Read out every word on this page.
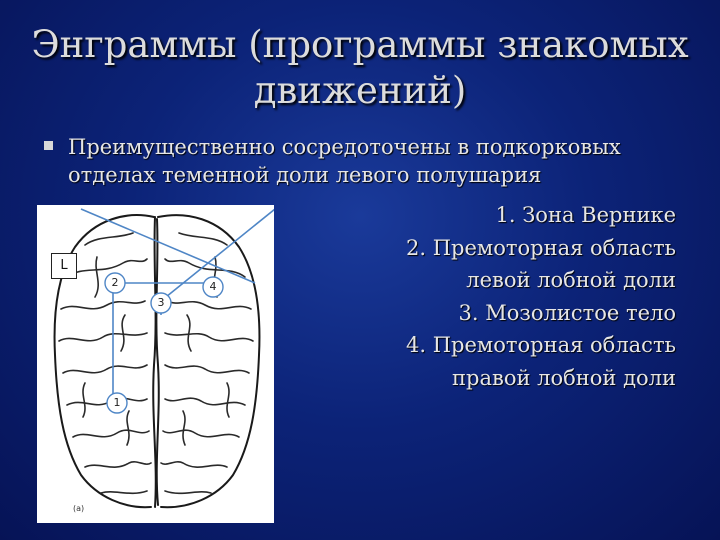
Энграммы (программы знакомых движений)
Преимущественно сосредоточены в подкорковых отделах теменной доли левого полушария
1. Зона Вернике
2. Премоторная область
левой лобной доли
3. Мозолистое тело
4. Премоторная область
правой лобной доли
L
1
2
3
4
(a)
